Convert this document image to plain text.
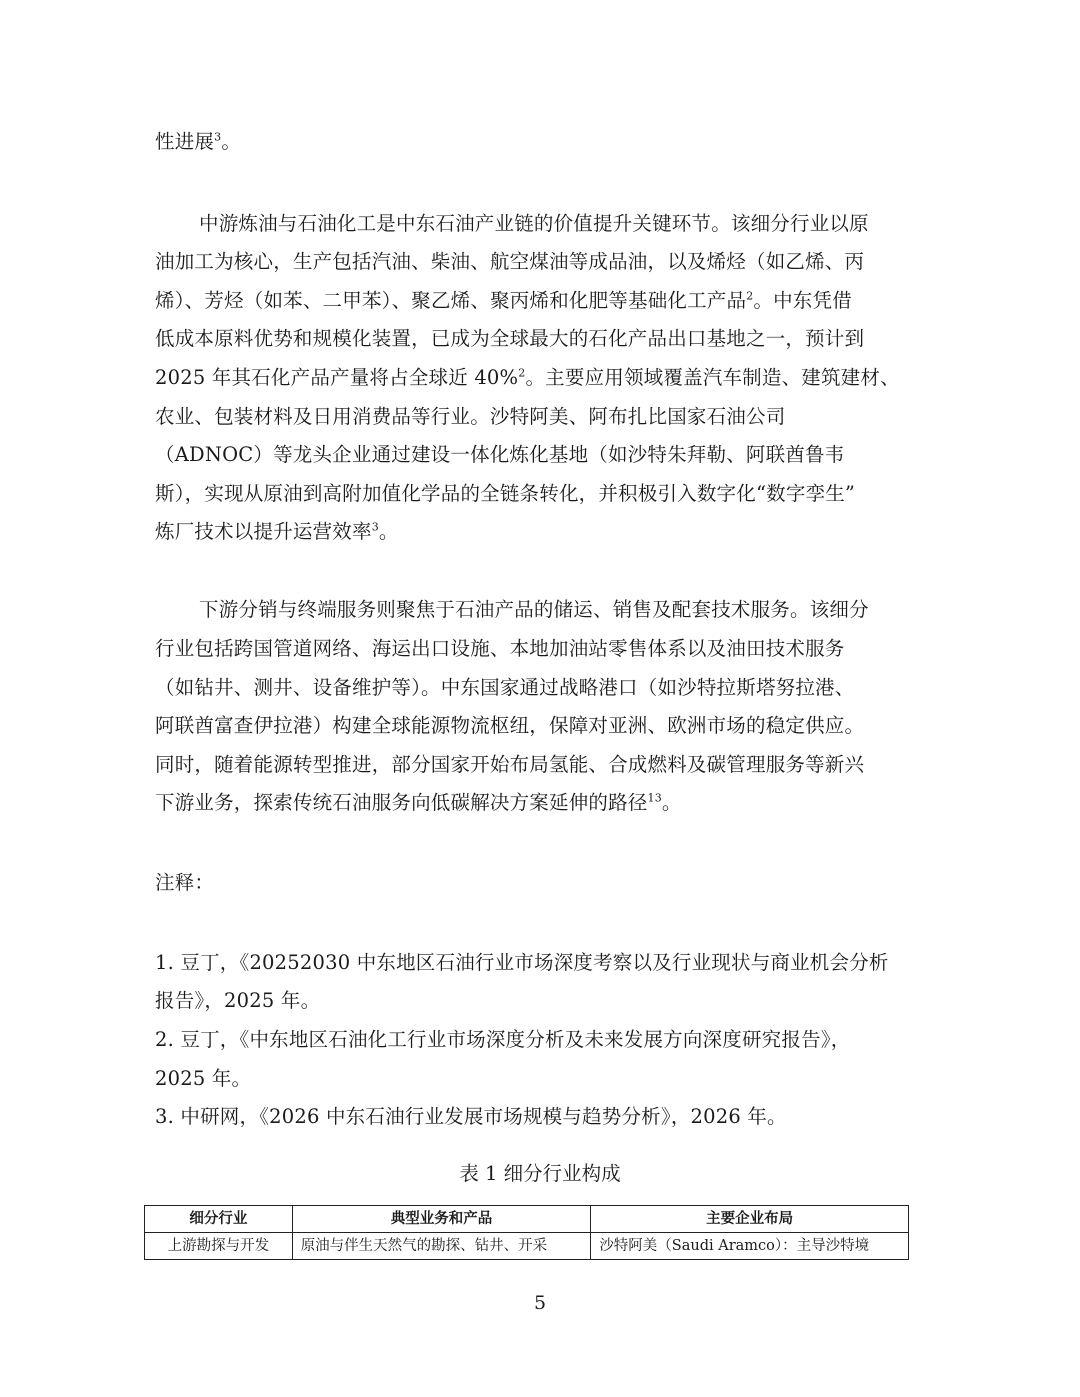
性进展$^3$。

中游炼油与石油化工是中东石油产业链的价值提升关键环节。该细分行业以原

油加工为核心，生产包括汽油、柴油、航空煤油等成品油，以及烯烃（如乙烯、丙

烯）、芳烃（如苯、二甲苯）、聚乙烯、聚丙烯和化肥等基础化工产品$^2$。中东凭借

低成本原料优势和规模化装置，已成为全球最大的石化产品出口基地之一，预计到

2025 年其石化产品产量将占全球近 40%$^2$。主要应用领域覆盖汽车制造、建筑建材、

农业、包装材料及日用消费品等行业。沙特阿美、阿布扎比国家石油公司

（ADNOC）等龙头企业通过建设一体化炼化基地（如沙特朱拜勒、阿联酋鲁韦

斯），实现从原油到高附加值化学品的全链条转化，并积极引入数字化“数字孪生”

炼厂技术以提升运营效率$^3$。

下游分销与终端服务则聚焦于石油产品的储运、销售及配套技术服务。该细分

行业包括跨国管道网络、海运出口设施、本地加油站零售体系以及油田技术服务

（如钻井、测井、设备维护等）。中东国家通过战略港口（如沙特拉斯塔努拉港、

阿联酋富查伊拉港）构建全球能源物流枢纽，保障对亚洲、欧洲市场的稳定供应。

同时，随着能源转型推进，部分国家开始布局氢能、合成燃料及碳管理服务等新兴

下游业务，探索传统石油服务向低碳解决方案延伸的路径$^{13}$。

注释：

1. 豆丁，《20252030 中东地区石油行业市场深度考察以及行业现状与商业机会分析

报告》，2025 年。

2. 豆丁，《中东地区石油化工行业市场深度分析及未来发展方向深度研究报告》，

2025 年。

3. 中研网，《2026 中东石油行业发展市场规模与趋势分析》，2026 年。

表 1 细分行业构成
细分行业	典型业务和产品	主要企业布局
上游勘探与开发	原油与伴生天然气的勘探、钻井、开采	沙特阿美（Saudi Aramco）：主导沙特境
5
